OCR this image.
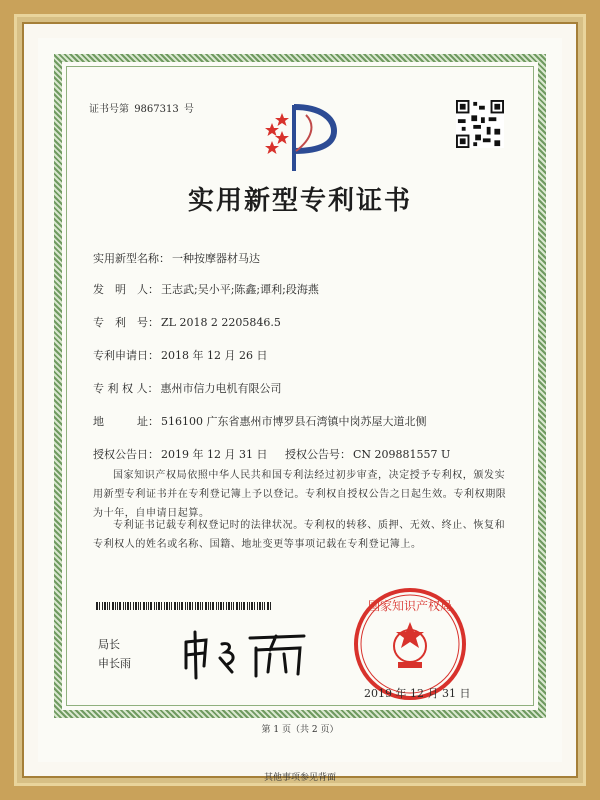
证书号第 9867313 号
实用新型专利证书
实用新型名称： 一种按摩器材马达
发　明　人： 王志武;吴小平;陈鑫;谭利;段海燕
专　利　号： ZL 2018 2 2205846.5
专利申请日： 2018 年 12 月 26 日
专 利 权 人： 惠州市信力电机有限公司
地　　　址： 516100 广东省惠州市博罗县石湾镇中岗苏屋大道北侧
授权公告日： 2019 年 12 月 31 日 授权公告号： CN 209881557 U
国家知识产权局依照中华人民共和国专利法经过初步审查，决定授予专利权，颁发实用新型专利证书并在专利登记簿上予以登记。专利权自授权公告之日起生效。专利权期限为十年，自申请日起算。
专利证书记载专利权登记时的法律状况。专利权的转移、质押、无效、终止、恢复和专利权人的姓名或名称、国籍、地址变更等事项记载在专利登记簿上。
局长
申长雨
国家知识产权局
2019 年 12 月 31 日
第 1 页（共 2 页）
其他事项参见背面
